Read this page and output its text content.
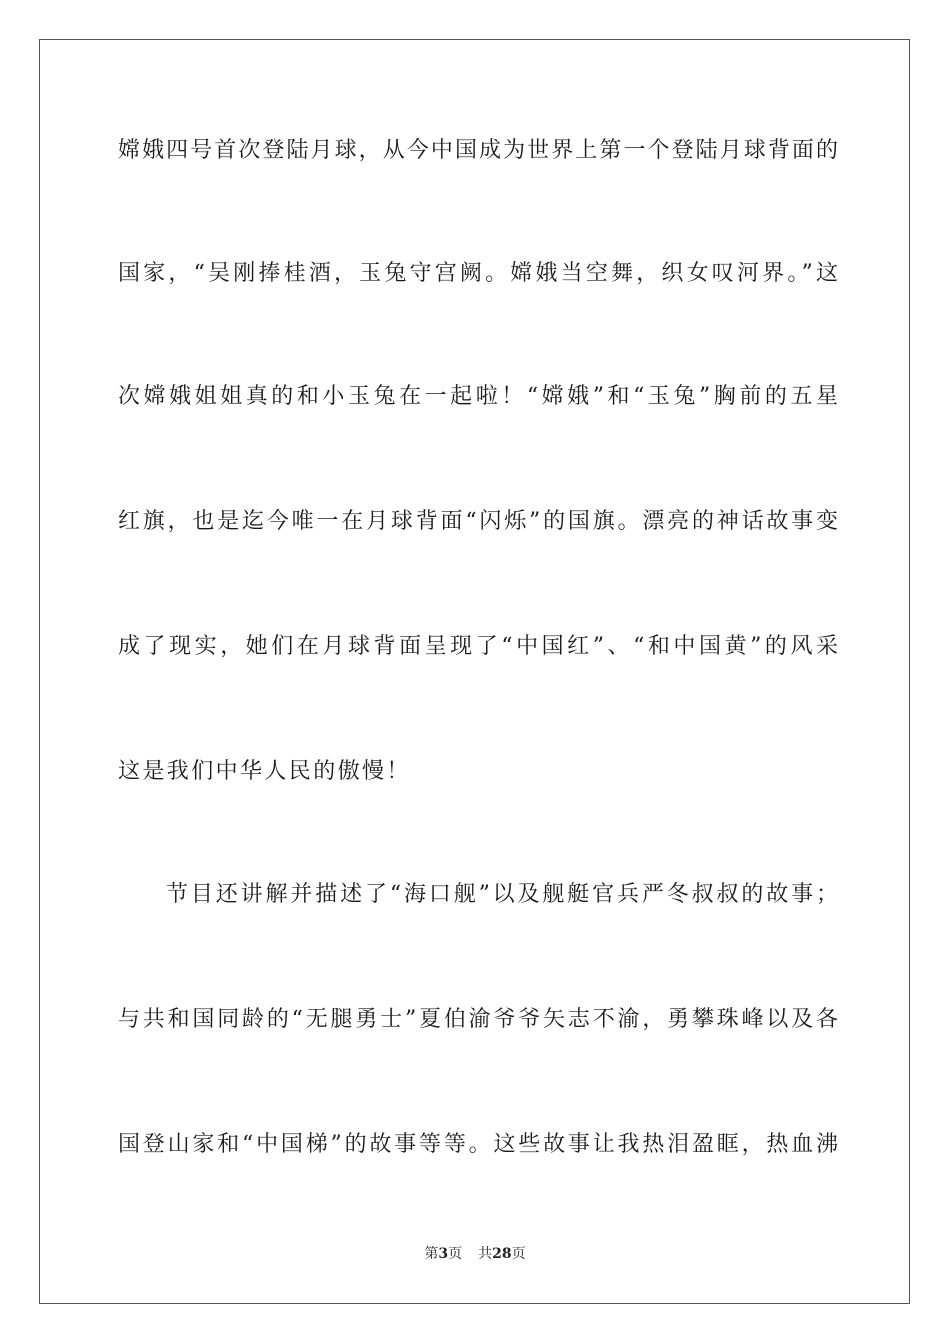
嫦娥四号首次登陆月球，从今中国成为世界上第一个登陆月球背面的
国家，“吴刚捧桂酒，玉兔守宫阙。嫦娥当空舞，织女叹河界。”这
次嫦娥姐姐真的和小玉兔在一起啦！“嫦娥”和“玉兔”胸前的五星
红旗，也是迄今唯一在月球背面“闪烁”的国旗。漂亮的神话故事变
成了现实，她们在月球背面呈现了“中国红”、“和中国黄”的风采
这是我们中华人民的傲慢！
节目还讲解并描述了“海口舰”以及舰艇官兵严冬叔叔的故事；
与共和国同龄的“无腿勇士”夏伯渝爷爷矢志不渝，勇攀珠峰以及各
国登山家和“中国梯”的故事等等。这些故事让我热泪盈眶，热血沸
第3页 共28页
